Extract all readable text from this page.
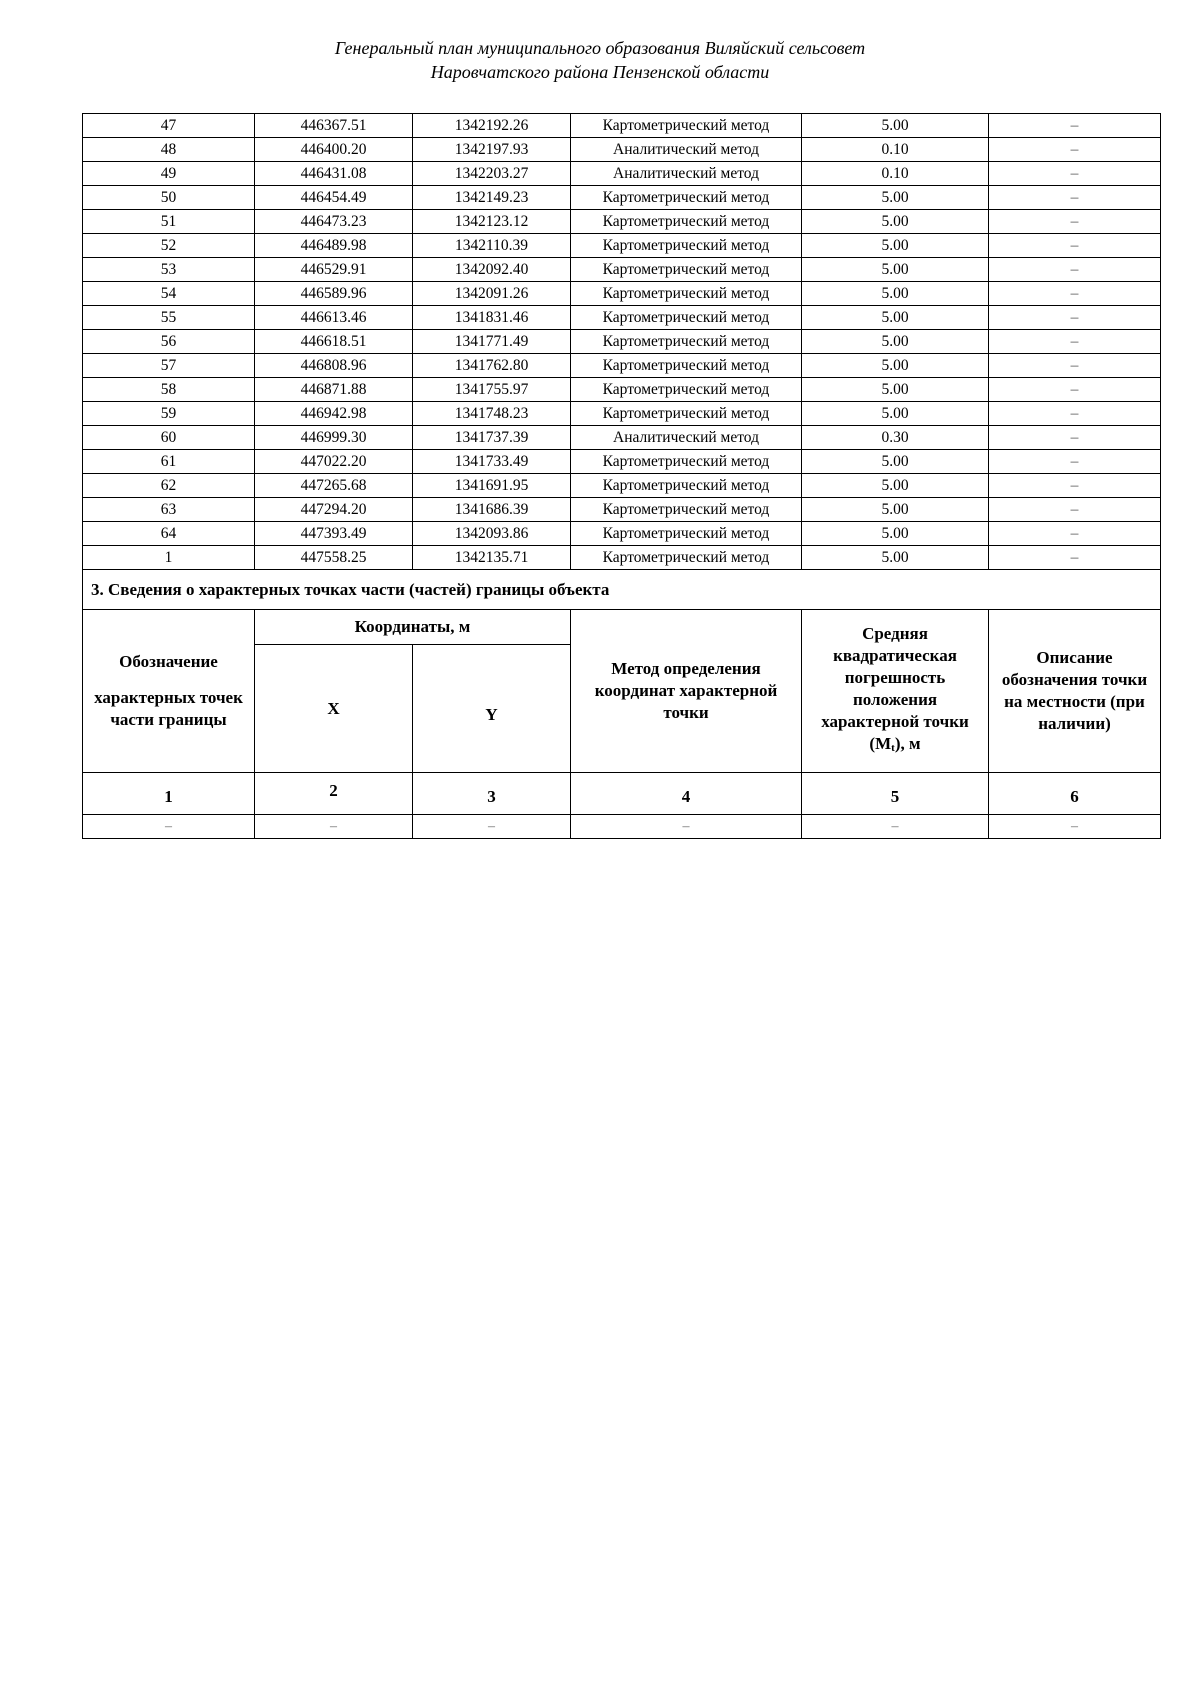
Генеральный план муниципального образования Виляйский сельсовет
Наровчатского района Пензенской области
47	446367.51	1342192.26	Картометрический метод	5.00	–
48	446400.20	1342197.93	Аналитический метод	0.10	–
49	446431.08	1342203.27	Аналитический метод	0.10	–
50	446454.49	1342149.23	Картометрический метод	5.00	–
51	446473.23	1342123.12	Картометрический метод	5.00	–
52	446489.98	1342110.39	Картометрический метод	5.00	–
53	446529.91	1342092.40	Картометрический метод	5.00	–
54	446589.96	1342091.26	Картометрический метод	5.00	–
55	446613.46	1341831.46	Картометрический метод	5.00	–
56	446618.51	1341771.49	Картометрический метод	5.00	–
57	446808.96	1341762.80	Картометрический метод	5.00	–
58	446871.88	1341755.97	Картометрический метод	5.00	–
59	446942.98	1341748.23	Картометрический метод	5.00	–
60	446999.30	1341737.39	Аналитический метод	0.30	–
61	447022.20	1341733.49	Картометрический метод	5.00	–
62	447265.68	1341691.95	Картометрический метод	5.00	–
63	447294.20	1341686.39	Картометрический метод	5.00	–
64	447393.49	1342093.86	Картометрический метод	5.00	–
1	447558.25	1342135.71	Картометрический метод	5.00	–
3. Сведения о характерных точках части (частей) границы объекта					

Обозначение
характерных точек части границы	Координаты, м		Метод определения координат характерной точки	Средняя квадратическая погрешность положения характерной точки (Mt), м	Описание обозначения точки на местности (при наличии)
	X	Y			
1	2	3	4	5	6
–	–	–	–	–	–
